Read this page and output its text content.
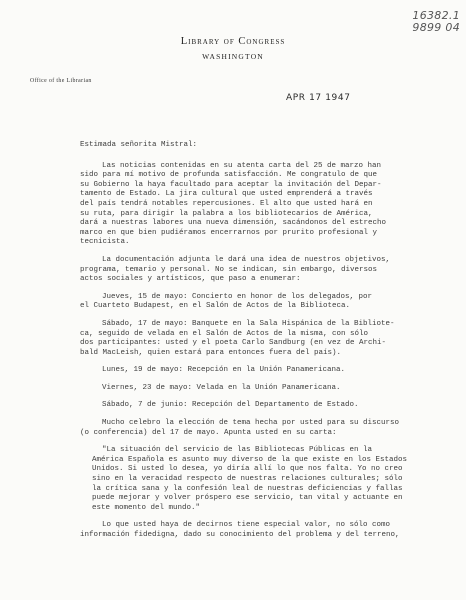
16382.1
9899 04
Library of Congress
WASHINGTON
Office of the Librarian
APR 17 1947

Estimada señorita Mistral:

Las noticias contenidas en su atenta carta del 25 de marzo han
sido para mí motivo de profunda satisfacción. Me congratulo de que
su Gobierno la haya facultado para aceptar la invitación del Depar-
tamento de Estado. La jira cultural que usted emprenderá a través
del país tendrá notables repercusiones. El alto que usted hará en
su ruta, para dirigir la palabra a los bibliotecarios de América,
dará a nuestras labores una nueva dimensión, sacándonos del estrecho
marco en que bien pudiéramos encerrarnos por prurito profesional y
tecnicista.

La documentación adjunta le dará una idea de nuestros objetivos,
programa, temario y personal. No se indican, sin embargo, diversos
actos sociales y artísticos, que paso a enumerar:

Jueves, 15 de mayo: Concierto en honor de los delegados, por
el Cuarteto Budapest, en el Salón de Actos de la Biblioteca.

Sábado, 17 de mayo: Banquete en la Sala Hispánica de la Bibliote-
ca, seguido de velada en el Salón de Actos de la misma, con sólo
dos participantes: usted y el poeta Carlo Sandburg (en vez de Archi-
bald MacLeish, quien estará para entonces fuera del país).

Lunes, 19 de mayo: Recepción en la Unión Panamericana.

Viernes, 23 de mayo: Velada en la Unión Panamericana.

Sábado, 7 de junio: Recepción del Departamento de Estado.

Mucho celebro la elección de tema hecha por usted para su discurso
(o conferencia) del 17 de mayo. Apunta usted en su carta:

"La situación del servicio de las Bibliotecas Públicas en la
América Española es asunto muy diverso de la que existe en los Estados
Unidos. Si usted lo desea, yo diría allí lo que nos falta. Yo no creo
sino en la veracidad respecto de nuestras relaciones culturales; sólo
la crítica sana y la confesión leal de nuestras deficiencias y fallas
puede mejorar y volver próspero ese servicio, tan vital y actuante en
este momento del mundo."

Lo que usted haya de decirnos tiene especial valor, no sólo como
información fidedigna, dado su conocimiento del problema y del terreno,
